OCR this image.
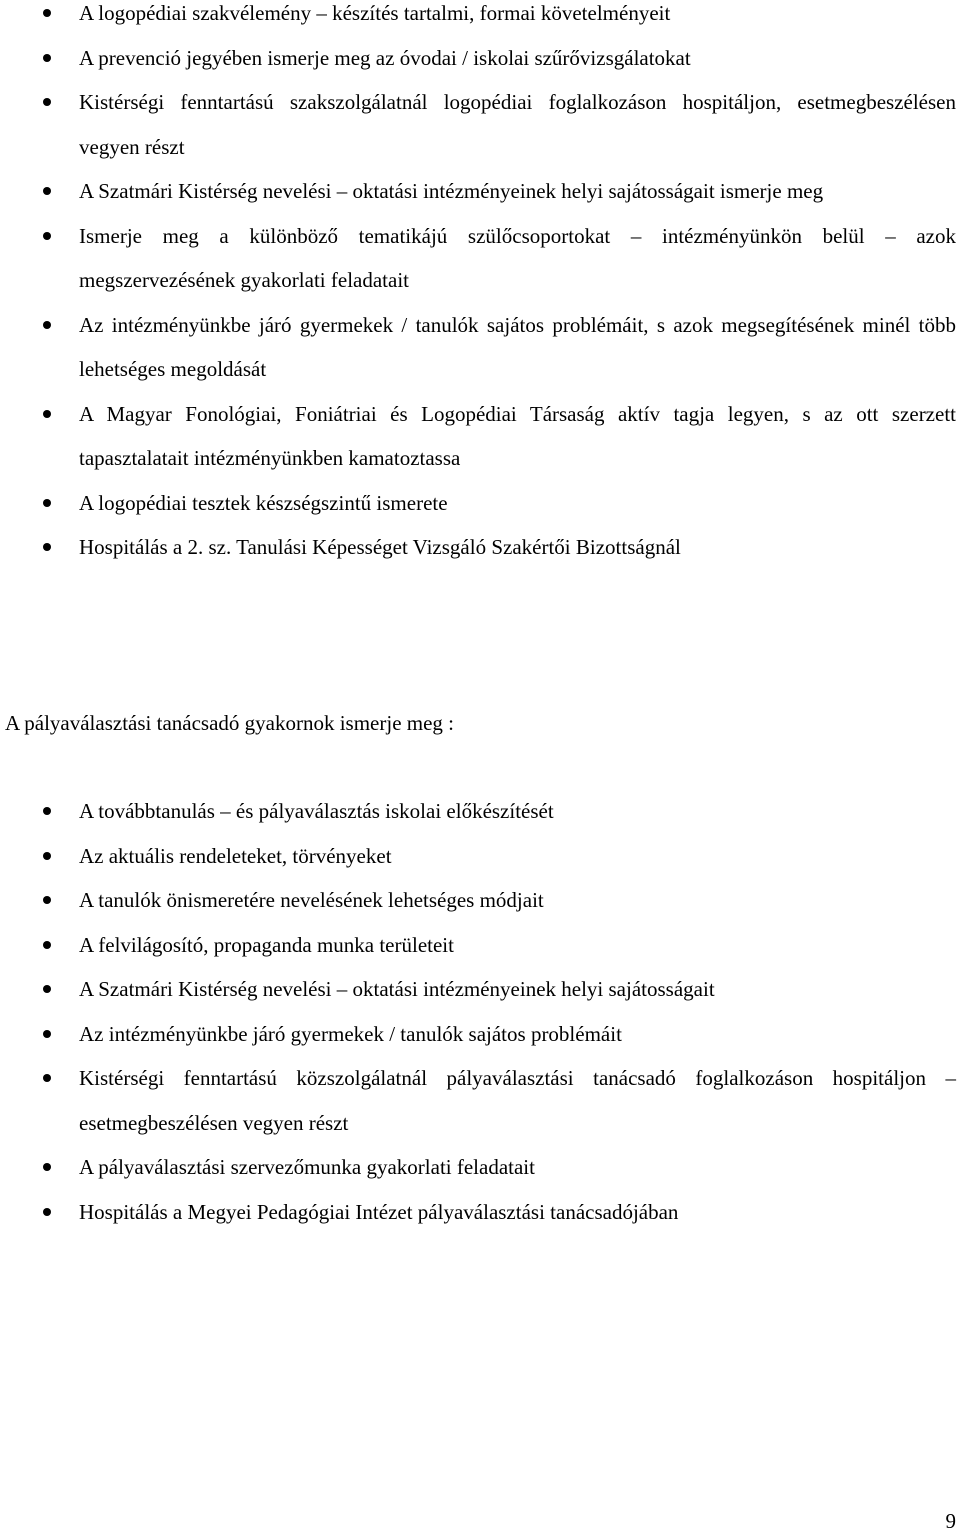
A logopédiai szakvélemény – készítés tartalmi, formai követelményeit
A prevenció jegyében ismerje meg az óvodai / iskolai szűrővizsgálatokat
Kistérségi fenntartású szakszolgálatnál logopédiai foglalkozáson hospitáljon, esetmegbeszélésen vegyen részt
A Szatmári Kistérség nevelési – oktatási intézményeinek helyi sajátosságait ismerje meg
Ismerje meg a különböző tematikájú szülőcsoportokat – intézményünkön belül – azok megszervezésének gyakorlati feladatait
Az intézményünkbe járó gyermekek / tanulók sajátos problémáit, s azok megsegítésének minél több lehetséges megoldását
A Magyar Fonológiai, Foniátriai és Logopédiai Társaság aktív tagja legyen, s az ott szerzett tapasztalatait intézményünkben kamatoztassa
A logopédiai tesztek készségszintű ismerete
Hospitálás a 2. sz. Tanulási Képességet Vizsgáló Szakértői Bizottságnál

A pályaválasztási tanácsadó gyakornok ismerje meg :

A továbbtanulás – és pályaválasztás iskolai előkészítését
Az aktuális rendeleteket, törvényeket
A tanulók önismeretére nevelésének lehetséges módjait
A felvilágosító, propaganda munka területeit
A Szatmári Kistérség nevelési – oktatási intézményeinek helyi sajátosságait
Az intézményünkbe járó gyermekek / tanulók sajátos problémáit
Kistérségi fenntartású közszolgálatnál pályaválasztási tanácsadó foglalkozáson hospitáljon – esetmegbeszélésen vegyen részt
A pályaválasztási szervezőmunka gyakorlati feladatait
Hospitálás a Megyei Pedagógiai Intézet pályaválasztási tanácsadójában
9
